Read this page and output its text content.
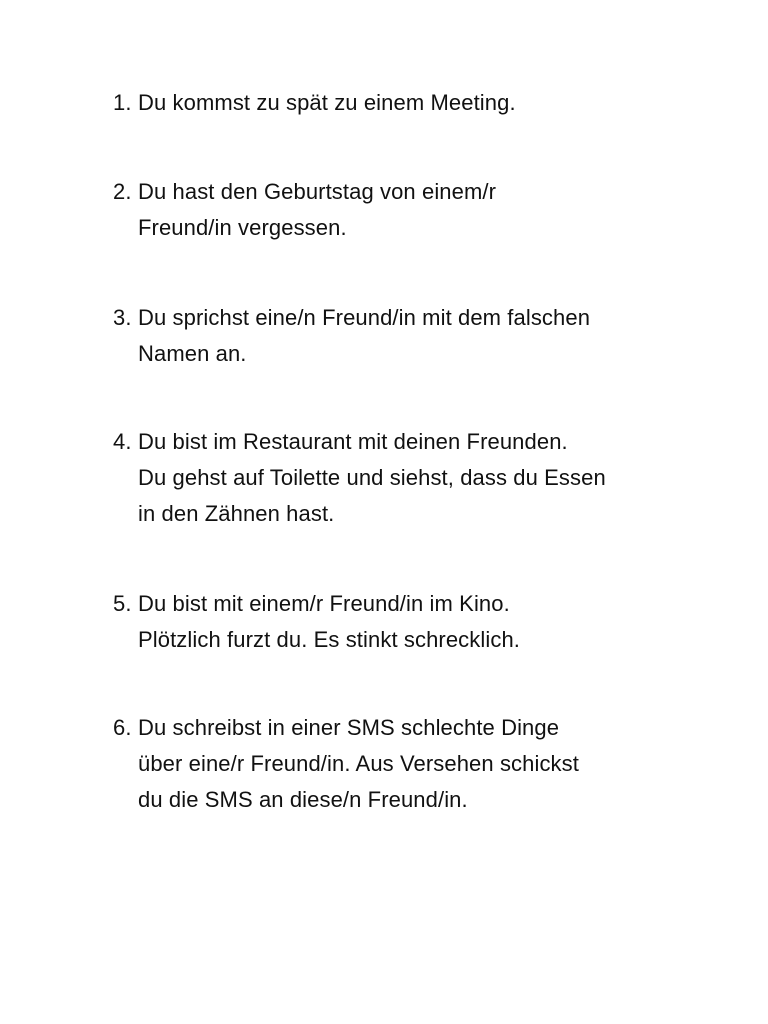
1. Du kommst zu spät zu einem Meeting.
2. Du hast den Geburtstag von einem/r
Freund/in vergessen.
3. Du sprichst eine/n Freund/in mit dem falschen
Namen an.
4. Du bist im Restaurant mit deinen Freunden.
Du gehst auf Toilette und siehst, dass du Essen
in den Zähnen hast.
5. Du bist mit einem/r Freund/in im Kino.
Plötzlich furzt du. Es stinkt schrecklich.
6. Du schreibst in einer SMS schlechte Dinge
über eine/r Freund/in. Aus Versehen schickst
du die SMS an diese/n Freund/in.
